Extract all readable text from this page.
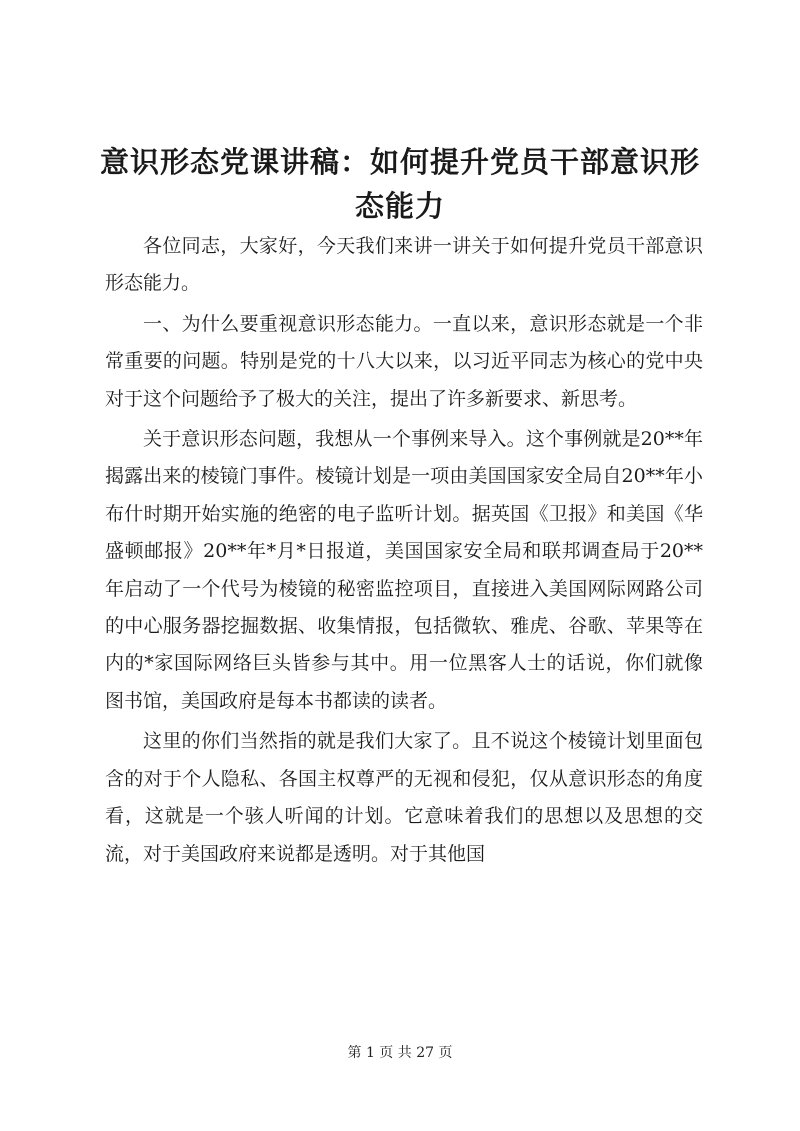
意识形态党课讲稿：如何提升党员干部意识形态能力

各位同志，大家好，今天我们来讲一讲关于如何提升党员干部意识形态能力。

一、为什么要重视意识形态能力。一直以来，意识形态就是一个非常重要的问题。特别是党的十八大以来，以习近平同志为核心的党中央对于这个问题给予了极大的关注，提出了许多新要求、新思考。

关于意识形态问题，我想从一个事例来导入。这个事例就是20**年揭露出来的棱镜门事件。棱镜计划是一项由美国国家安全局自20**年小布什时期开始实施的绝密的电子监听计划。据英国《卫报》和美国《华盛顿邮报》20**年*月*日报道，美国国家安全局和联邦调查局于20**年启动了一个代号为棱镜的秘密监控项目，直接进入美国网际网路公司的中心服务器挖掘数据、收集情报，包括微软、雅虎、谷歌、苹果等在内的*家国际网络巨头皆参与其中。用一位黑客人士的话说，你们就像图书馆，美国政府是每本书都读的读者。

这里的你们当然指的就是我们大家了。且不说这个棱镜计划里面包含的对于个人隐私、各国主权尊严的无视和侵犯，仅从意识形态的角度看，这就是一个骇人听闻的计划。它意味着我们的思想以及思想的交流，对于美国政府来说都是透明。对于其他国

第 1 页 共 27 页
